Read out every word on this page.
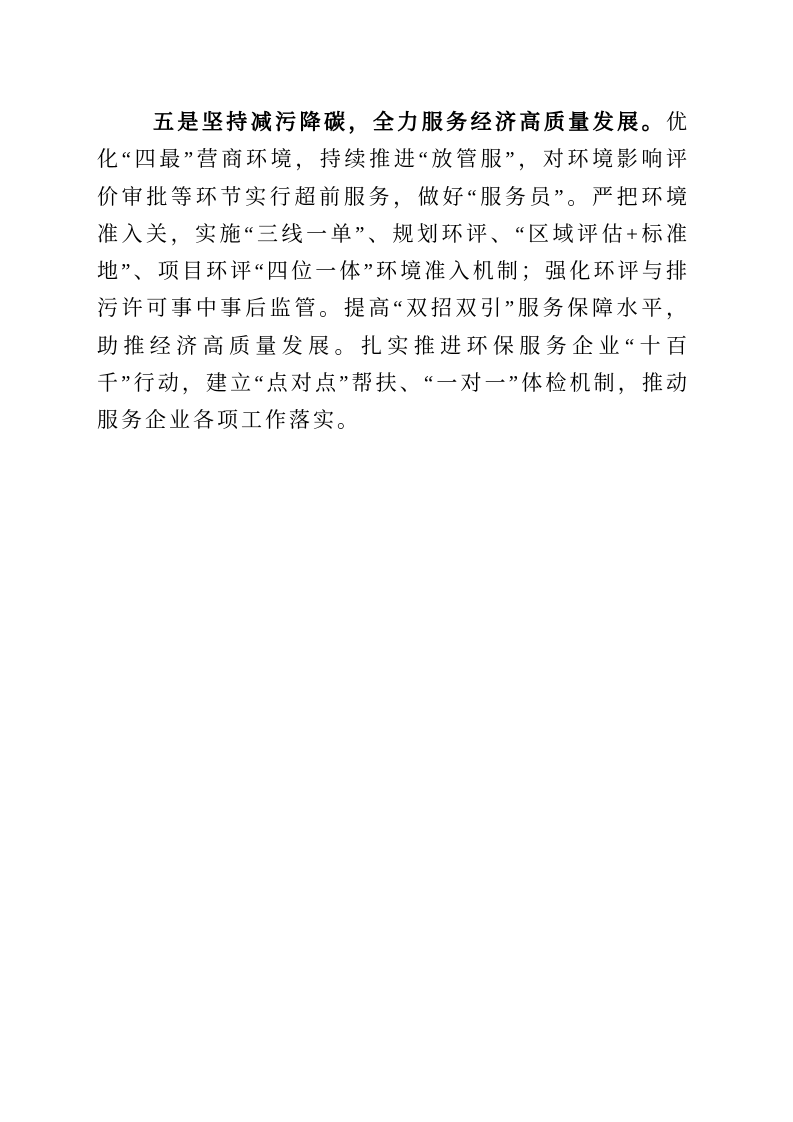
五是坚持减污降碳，全力服务经济高质量发展。优化“四最”营商环境，持续推进“放管服”，对环境影响评价审批等环节实行超前服务，做好“服务员”。严把环境准入关，实施“三线一单”、规划环评、“区域评估+标准地”、项目环评“四位一体”环境准入机制；强化环评与排污许可事中事后监管。提高“双招双引”服务保障水平，助推经济高质量发展。扎实推进环保服务企业“十百千”行动，建立“点对点”帮扶、“一对一”体检机制，推动服务企业各项工作落实。
